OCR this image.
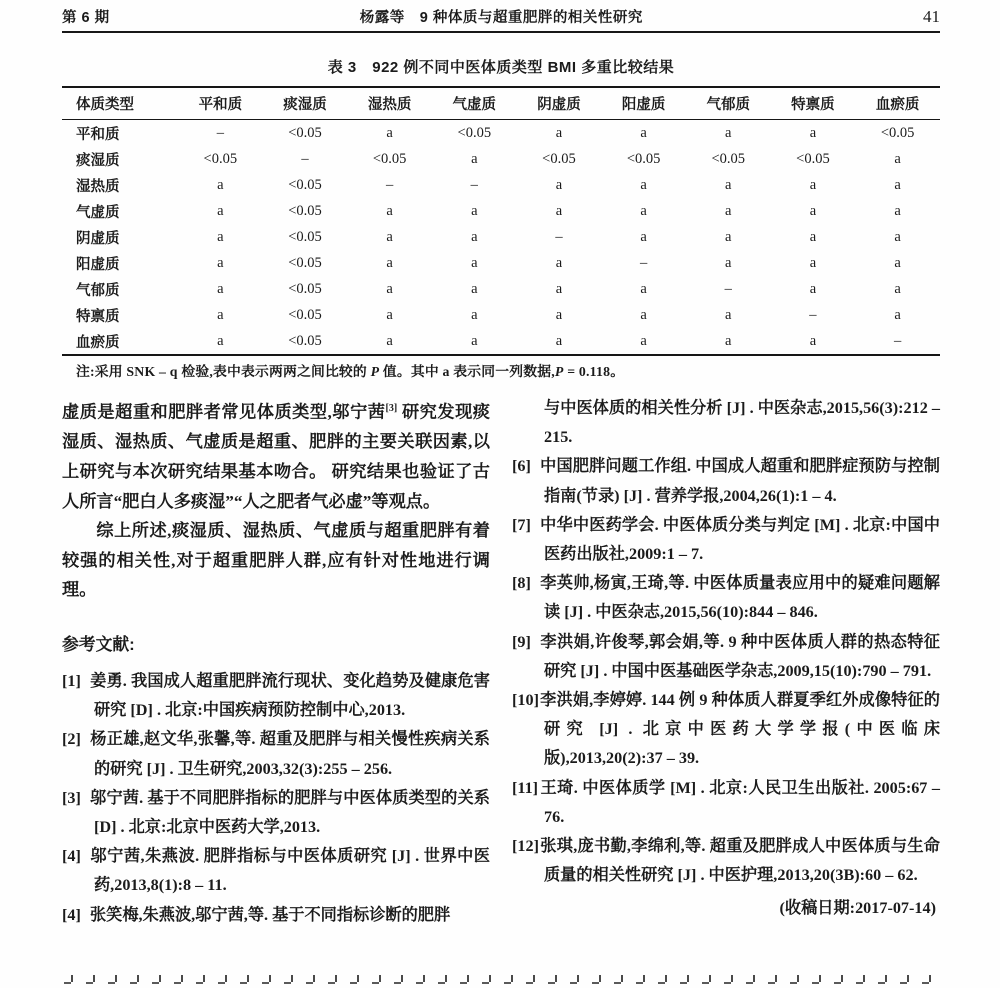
第 6 期	杨露等　9 种体质与超重肥胖的相关性研究	41
表 3　922 例不同中医体质类型 BMI 多重比较结果
体质类型	平和质	痰湿质	湿热质	气虚质	阴虚质	阳虚质	气郁质	特禀质	血瘀质
平和质	–	<0.05	a	<0.05	a	a	a	a	<0.05
痰湿质	<0.05	–	<0.05	a	<0.05	<0.05	<0.05	<0.05	a
湿热质	a	<0.05	–	–	a	a	a	a	a
气虚质	a	<0.05	a	a	a	a	a	a	a
阴虚质	a	<0.05	a	a	–	a	a	a	a
阳虚质	a	<0.05	a	a	a	–	a	a	a
气郁质	a	<0.05	a	a	a	a	–	a	a
特禀质	a	<0.05	a	a	a	a	a	–	a
血瘀质	a	<0.05	a	a	a	a	a	a	–
注:采用 SNK – q 检验,表中表示两两之间比较的 P 值。其中 a 表示同一列数据,P = 0.118。

虚质是超重和肥胖者常见体质类型,邬宁茜[3] 研究发现痰湿质、湿热质、气虚质是超重、肥胖的主要关联因素,以上研究与本次研究结果基本吻合。 研究结果也验证了古人所言“肥白人多痰湿”“人之肥者气必虚”等观点。

综上所述,痰湿质、湿热质、气虚质与超重肥胖有着较强的相关性,对于超重肥胖人群,应有针对性地进行调理。

参考文献:
[1] 姜勇. 我国成人超重肥胖流行现状、变化趋势及健康危害研究 [D] . 北京:中国疾病预防控制中心,2013.
[2] 杨正雄,赵文华,张馨,等. 超重及肥胖与相关慢性疾病关系的研究 [J] . 卫生研究,2003,32(3):255 – 256.
[3] 邬宁茜. 基于不同肥胖指标的肥胖与中医体质类型的关系 [D] . 北京:北京中医药大学,2013.
[4] 邬宁茜,朱燕波. 肥胖指标与中医体质研究 [J] . 世界中医药,2013,8(1):8 – 11.
[4] 张笑梅,朱燕波,邬宁茜,等. 基于不同指标诊断的肥胖
与中医体质的相关性分析 [J] . 中医杂志,2015,56(3):212 – 215.
[6] 中国肥胖问题工作组. 中国成人超重和肥胖症预防与控制指南(节录) [J] . 营养学报,2004,26(1):1 – 4.
[7] 中华中医药学会. 中医体质分类与判定 [M] . 北京:中国中医药出版社,2009:1 – 7.
[8] 李英帅,杨寅,王琦,等. 中医体质量表应用中的疑难问题解读 [J] . 中医杂志,2015,56(10):844 – 846.
[9] 李洪娟,许俊琴,郭会娟,等. 9 种中医体质人群的热态特征研究 [J] . 中国中医基础医学杂志,2009,15(10):790 – 791.
[10]李洪娟,李婷婷. 144 例 9 种体质人群夏季红外成像特征的研究 [J] . 北京中医药大学学报(中医临床版),2013,20(2):37 – 39.
[11] 王琦. 中医体质学 [M] . 北京:人民卫生出版社. 2005:67 – 76.
[12]张琪,庞书勤,李绵利,等. 超重及肥胖成人中医体质与生命质量的相关性研究 [J] . 中医护理,2013,20(3B):60 – 62.
(收稿日期:2017-07-14)
